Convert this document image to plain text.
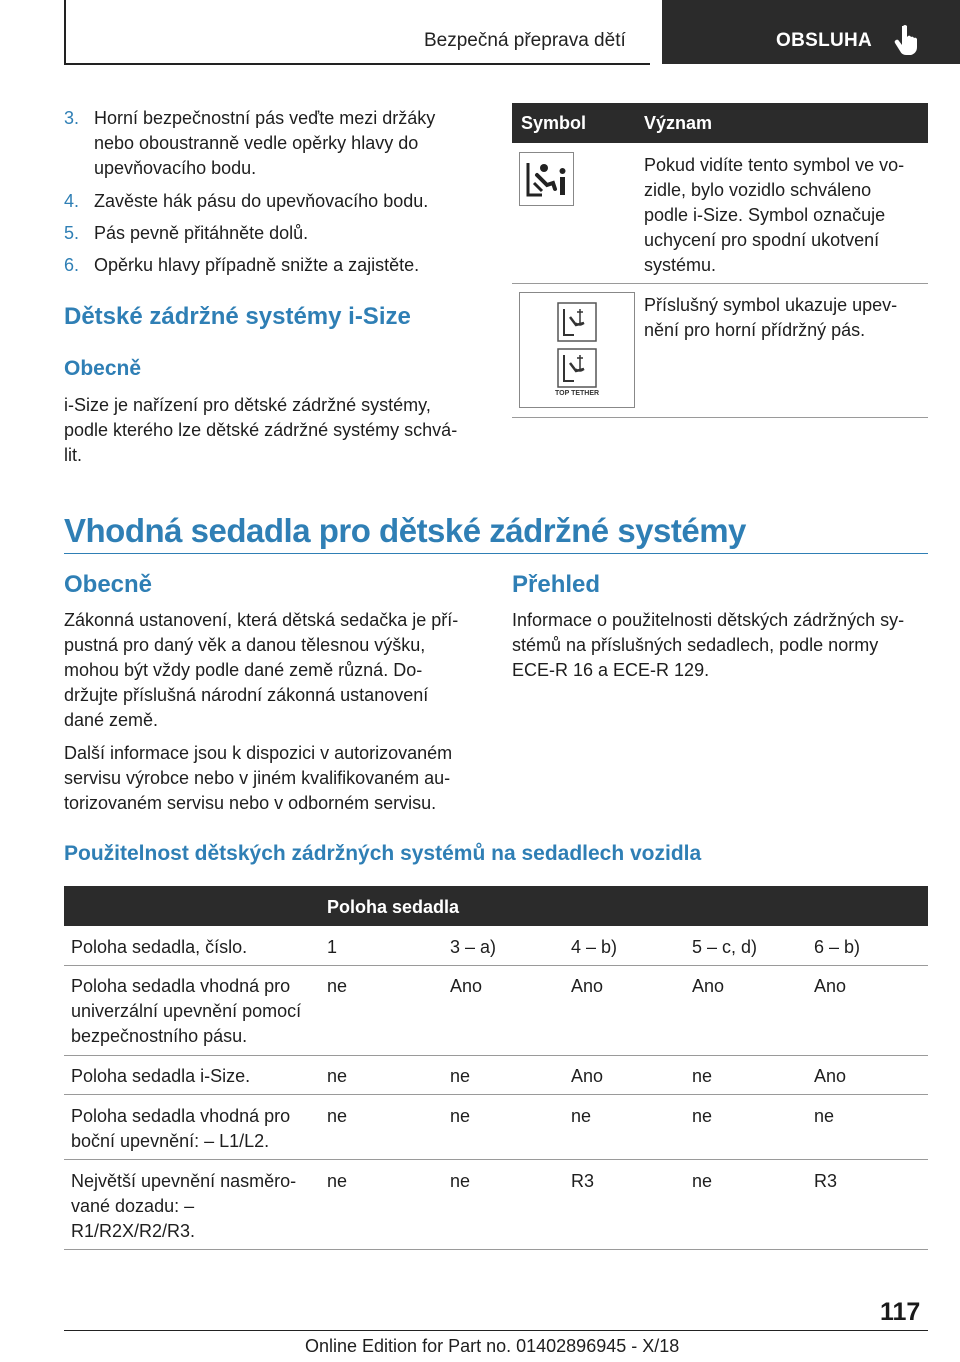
Bezpečná přeprava dětí	OBSLUHA
3. Horní bezpečnostní pás veďte mezi držáky
nebo oboustranně vedle opěrky hlavy do
upevňovacího bodu.
4. Zavěste hák pásu do upevňovacího bodu.
5. Pás pevně přitáhněte dolů.
6. Opěrku hlavy případně snižte a zajistěte.
Dětské zádržné systémy i-Size
Obecně
i-Size je nařízení pro dětské zádržné systémy,
podle kterého lze dětské zádržné systémy schvá-
lit.
Symbol	Význam
Pokud vidíte tento symbol ve vo-
zidle, bylo vozidlo schváleno
podle i-Size. Symbol označuje
uchycení pro spodní ukotvení
systému.
TOP TETHER
Příslušný symbol ukazuje upev-
nění pro horní přídržný pás.
Vhodná sedadla pro dětské zádržné systémy
Obecně
Zákonná ustanovení, která dětská sedačka je pří-
pustná pro daný věk a danou tělesnou výšku,
mohou být vždy podle dané země různá. Do-
držujte příslušná národní zákonná ustanovení
dané země.
Další informace jsou k dispozici v autorizovaném
servisu výrobce nebo v jiném kvalifikovaném au-
torizovaném servisu nebo v odborném servisu.
Přehled
Informace o použitelnosti dětských zádržných sy-
stémů na příslušných sedadlech, podle normy
ECE-R 16 a ECE-R 129.
Použitelnost dětských zádržných systémů na sedadlech vozidla
Poloha sedadla
Poloha sedadla, číslo.	1	3 – a)	4 – b)	5 – c, d)	6 – b)
Poloha sedadla vhodná pro
univerzální upevnění pomocí
bezpečnostního pásu.
ne	Ano	Ano	Ano	Ano
Poloha sedadla i-Size.	ne	ne	Ano	ne	Ano
Poloha sedadla vhodná pro
boční upevnění: – L1/L2.
ne	ne	ne	ne	ne
Největší upevnění nasměro-
vané dozadu: –
R1/R2X/R2/R3.
ne	ne	R3	ne	R3
117
Online Edition for Part no. 01402896945 - X/18
